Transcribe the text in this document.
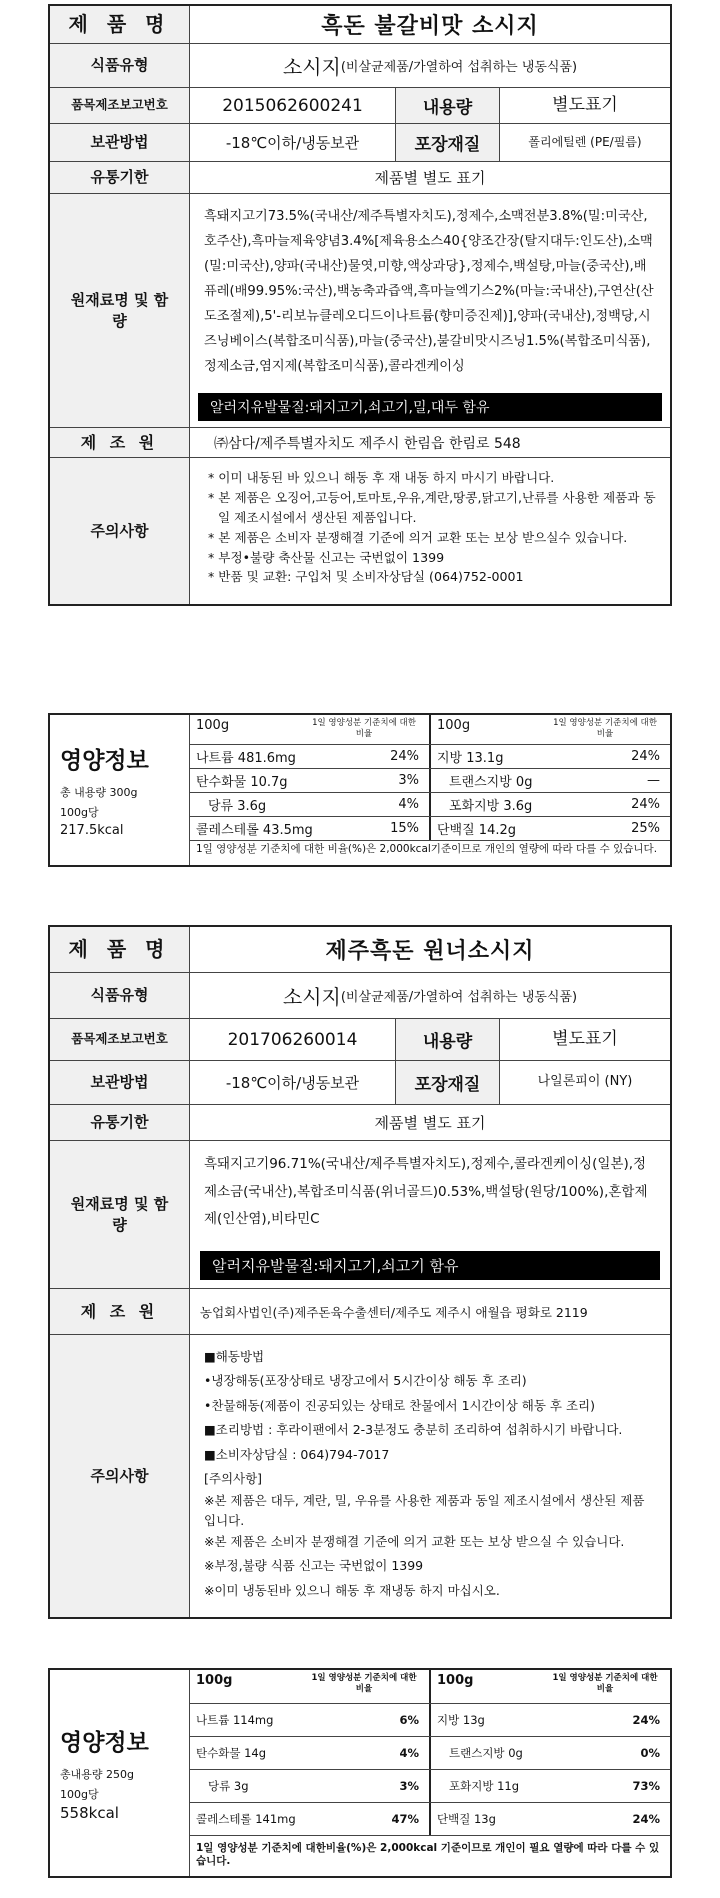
제 품 명	흑돈 불갈비맛 소시지
식품유형	소시지 (비살균제품/가열하여 섭취하는 냉동식품)
품목제조보고번호	2015062600241	내용량	별도표기
보관방법	-18℃이하/냉동보관	포장재질	폴리에틸렌 (PE/필름)
유통기한	제품별 별도 표기
원재료명 및 함량
흑돼지고기73.5%(국내산/제주특별자치도),정제수,소맥전분3.8%(밀:미국산,호주산),흑마늘제육양념3.4%[제육용소스40{양조간장(탈지대두:인도산),소맥(밀:미국산),양파(국내산)물엿,미향,액상과당},정제수,백설탕,마늘(중국산),배퓨레(배99.95%:국산),백농축과즙액,흑마늘엑기스2%(마늘:국내산),구연산(산도조절제),5'-리보뉴클레오디드이나트륨(향미증진제)],양파(국내산),정백당,시즈닝베이스(복합조미식품),마늘(중국산),불갈비맛시즈닝1.5%(복합조미식품),정제소금,염지제(복합조미식품),콜라겐케이싱
알러지유발물질:돼지고기,쇠고기,밀,대두 함유
제 조 원	㈜삼다/제주특별자치도 제주시 한림읍 한림로 548
주의사항
* 이미 내동된 바 있으니 해동 후 재 내동 하지 마시기 바랍니다.
* 본 제품은 오징어,고등어,토마토,우유,계란,땅콩,닭고기,난류를 사용한 제품과 동일 제조시설에서 생산된 제품입니다.
* 본 제품은 소비자 분쟁해결 기준에 의거 교환 또는 보상 받으실수 있습니다.
* 부정•불량 축산물 신고는 국번없이 1399
* 반품 및 교환: 구입처 및 소비자상담실 (064)752-0001
영양정보
총 내용량 300g
100g당
217.5kcal
100g	1일 영양성분 기준치에 대한 비율
100g	1일 영양성분 기준치에 대한 비율
나트륨 481.6mg	24% 지방 13.1g	24%
탄수화물 10.7g	3%	트랜스지방 0g	—
당류 3.6g	4%	포화지방 3.6g	24%
콜레스테롤 43.5mg	15% 단백질 14.2g	25%
1일 영양성분 기준치에 대한 비율(%)은 2,000kcal기준이므로 개인의 열량에 따라 다를 수 있습니다.
제 품 명	제주흑돈 원너소시지
식품유형	소시지 (비살균제품/가열하여 섭취하는 냉동식품)
품목제조보고번호	201706260014	내용량	별도표기
보관방법	-18℃이하/냉동보관	포장재질	나일론피이 (NY)
유통기한	제품별 별도 표기
원재료명 및 함량
흑돼지고기96.71%(국내산/제주특별자치도),정제수,콜라겐케이싱(일본),정제소금(국내산),복합조미식품(위너골드)0.53%,백설탕(원당/100%),혼합제제(인산염),비타민C
알러지유발물질:돼지고기,쇠고기 함유
제 조 원	농업회사법인(주)제주돈육수출센터/제주도 제주시 애월읍 평화로 2119
주의사항
■해동방법
•냉장해동(포장상태로 냉장고에서 5시간이상 해동 후 조리)
•찬물해동(제품이 진공되있는 상태로 찬물에서 1시간이상 해동 후 조리)
■조리방법 : 후라이팬에서 2-3분정도 충분히 조리하여 섭취하시기 바랍니다.
■소비자상담실 : 064)794-7017
[주의사항]
※본 제품은 대두, 계란, 밀, 우유를 사용한 제품과 동일 제조시설에서 생산된 제품입니다.
※본 제품은 소비자 분쟁해결 기준에 의거 교환 또는 보상 받으실 수 있습니다.
※부정,불량 식품 신고는 국번없이 1399
※이미 냉동된바 있으니 해동 후 재냉동 하지 마십시오.
영양정보
총내용량 250g
100g당
558kcal
100g	1일 영양성분 기준치에 대한 비율
100g	1일 영양성분 기준치에 대한 비율
나트륨 114mg	6% 지방 13g	24%
탄수화물 14g	4%	트랜스지방 0g	0%
당류 3g	3%	포화지방 11g	73%
콜레스테롤 141mg	47% 단백질 13g	24%
1일 영양성분 기준치에 대한비율(%)은 2,000kcal 기준이므로 개인이 필요 열량에 따라 다를 수 있습니다.
